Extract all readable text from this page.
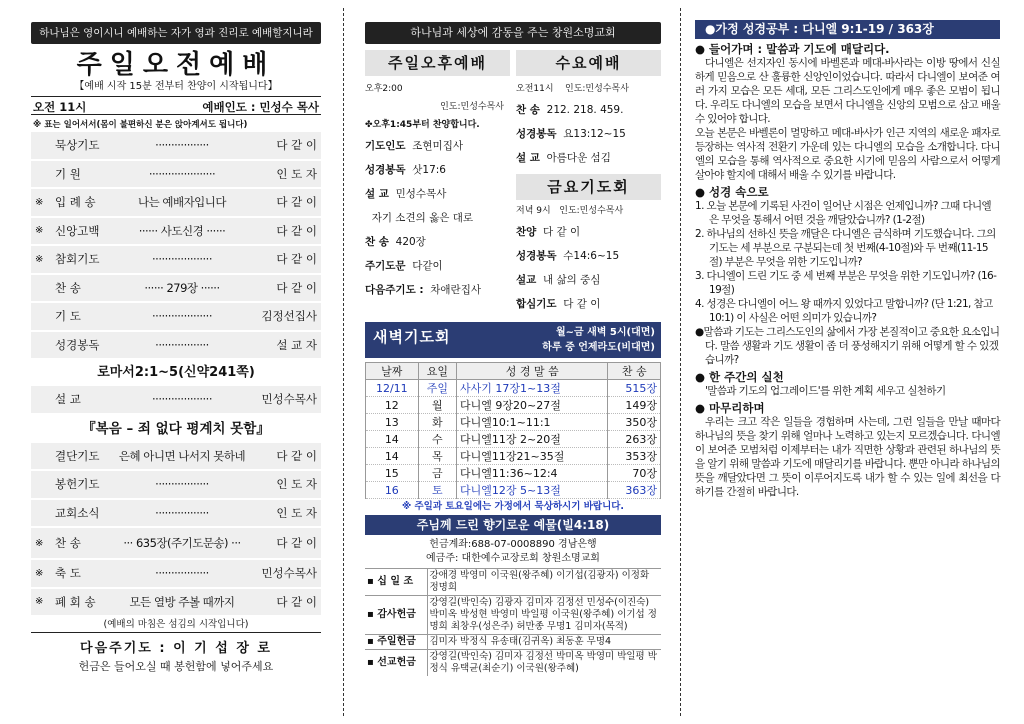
하나님은 영이시니 예배하는 자가 영과 진리로 예배할지니라
주일오전예배
【예배 시작 15분 전부터 찬양이 시작됩니다】
오전 11시	예배인도 : 민성수 목사
※ 표는 일어서서(몸이 불편하신 분은 앉아계셔도 됩니다)
묵상기도	·················	다 같 이
기 원	·····················	인 도 자
※	입 례 송	나는 예배자입니다	다 같 이
※	신앙고백	······ 사도신경 ······	다 같 이
※	참회기도	···················	다 같 이
찬 송	······ 279장 ······	다 같 이
기 도	···················	김정선집사
성경봉독	·················	설 교 자
로마서2:1~5(신약241쪽)
설 교	···················	민성수목사
『복음 – 죄 없다 평계치 못함』
결단기도	은혜 아니면 나서지 못하네	다 같 이
봉헌기도	·················	인 도 자
교회소식	·················	인 도 자
※	찬 송	··· 635장(주기도문송) ···	다 같 이
※	축 도	·················	민성수목사
※	폐 회 송	모든 열방 주볼 때까지	다 같 이
(예배의 마침은 섬김의 시작입니다)
다음주기도 : 이 기 섭 장 로
헌금은 들어오실 때 봉헌함에 넣어주세요
하나님과 세상에 감동을 주는 창원소명교회
주일오후예배
오후2:00
인도:민성수목사
✤오후1:45부터 찬양합니다.
기도인도 조현미집사
성경봉독 삿17:6
설 교 민성수목사
자기 소견의 옳은 대로
찬 송 420장
주기도문 다같이
다음주기도 : 차애란집사
수요예배
오전11시 인도:민성수목사
찬 송 212. 218. 459.
성경봉독 요13:12~15
설 교 아름다운 섬김
금요기도회
저녁 9시 인도:민성수목사
찬양 다 같 이
성경봉독 수14:6~15
설교 내 삶의 중심
합심기도 다 같 이
새벽기도회	월~금 새벽 5시(대면)
하루 중 언제라도(비대면)
날짜	요일	성 경 말 씀	찬 송
12/11	주일	사사기 17장1~13절	515장
12	월	다니엘 9장20~27절	149장
13	화	다니엘10:1~11:1	350장
14	수	다니엘11장 2~20절	263장
14	목	다니엘11장21~35절	353장
15	금	다니엘11:36~12:4	70장
16	토	다니엘12장 5~13절	363장
※ 주일과 토요일에는 가정에서 묵상하시기 바랍니다.
주님께 드린 향기로운 예물(빌4:18)
헌금계좌:688-07-0008890 경남은행
예금주: 대한예수교장로회 창원소명교회
▪ 십 일 조	강애경 박영미 이국원(왕주혜) 이기섭(김광자) 이정화 정명희
▪ 감사헌금	강영길(박인숙) 김광자 김미자 김정선 민성수(이진숙) 박미옥 박성현 박영미 박일평 이국원(왕주혜) 이기섭 정명희 최창우(성은주) 허만종 무명1 김미자(목적)
▪ 주일헌금	김미자 박정식 유송태(김귀옥) 최동훈 무명4
▪ 선교헌금	강영길(박인숙) 김미자 김정선 박미옥 박영미 박일평 박정식 유택균(최순기) 이국원(왕주혜)
●가정 성경공부 : 다니엘 9:1-19 / 363장
● 들어가며 : 말씀과 기도에 매달리다.
다니엘은 선지자인 동시에 바벨론과 메대-바사라는 이방 땅에서 신실하게 믿음으로 산 훌륭한 신앙인이었습니다. 따라서 다니엘이 보여준 여러 가지 모습은 모든 세대, 모든 그리스도인에게 매우 좋은 모범이 됩니다. 우리도 다니엘의 모습을 보면서 다니엘을 신앙의 모범으로 삼고 배울 수 있어야 합니다.
오늘 본문은 바벨론이 멸망하고 메대-바사가 인근 지역의 새로운 패자로 등장하는 역사적 전환기 가운데 있는 다니엘의 모습을 소개합니다. 다니엘의 모습을 통해 역사적으로 중요한 시기에 믿음의 사람으로서 어떻게 살아야 할지에 대해서 배울 수 있기를 바랍니다.
● 성경 속으로
1. 오늘 본문에 기록된 사건이 일어난 시점은 언제입니까? 그때 다니엘은 무엇을 통해서 어떤 것을 깨달았습니까? (1-2절)
2. 하나님의 선하신 뜻을 깨달은 다니엘은 금식하며 기도했습니다. 그의 기도는 세 부분으로 구분되는데 첫 번째(4-10절)와 두 번째(11-15절) 부분은 무엇을 위한 기도입니까?
3. 다니엘이 드린 기도 중 세 번째 부분은 무엇을 위한 기도입니까? (16-19절)
4. 성경은 다니엘이 어느 왕 때까지 있었다고 말합니까? (단 1:21, 참고 10:1) 이 사실은 어떤 의미가 있습니까?
●말씀과 기도는 그리스도인의 삶에서 가장 본질적이고 중요한 요소입니다. 말씀 생활과 기도 생활이 좀 더 풍성해지기 위해 어떻게 할 수 있겠습니까?
● 한 주간의 실천
'말씀과 기도의 업그레이드'를 위한 계획 세우고 실천하기
● 마무리하며
우리는 크고 작은 일들을 경험하며 사는데, 그런 일들을 만날 때마다 하나님의 뜻을 찾기 위해 얼마나 노력하고 있는지 모르겠습니다. 다니엘이 보여준 모범처럼 이제부터는 내가 직면한 상황과 관련된 하나님의 뜻을 알기 위해 말씀과 기도에 매달리기를 바랍니다. 뿐만 아니라 하나님의 뜻을 깨달았다면 그 뜻이 이루어지도록 내가 할 수 있는 일에 최선을 다하기를 간절히 바랍니다.
